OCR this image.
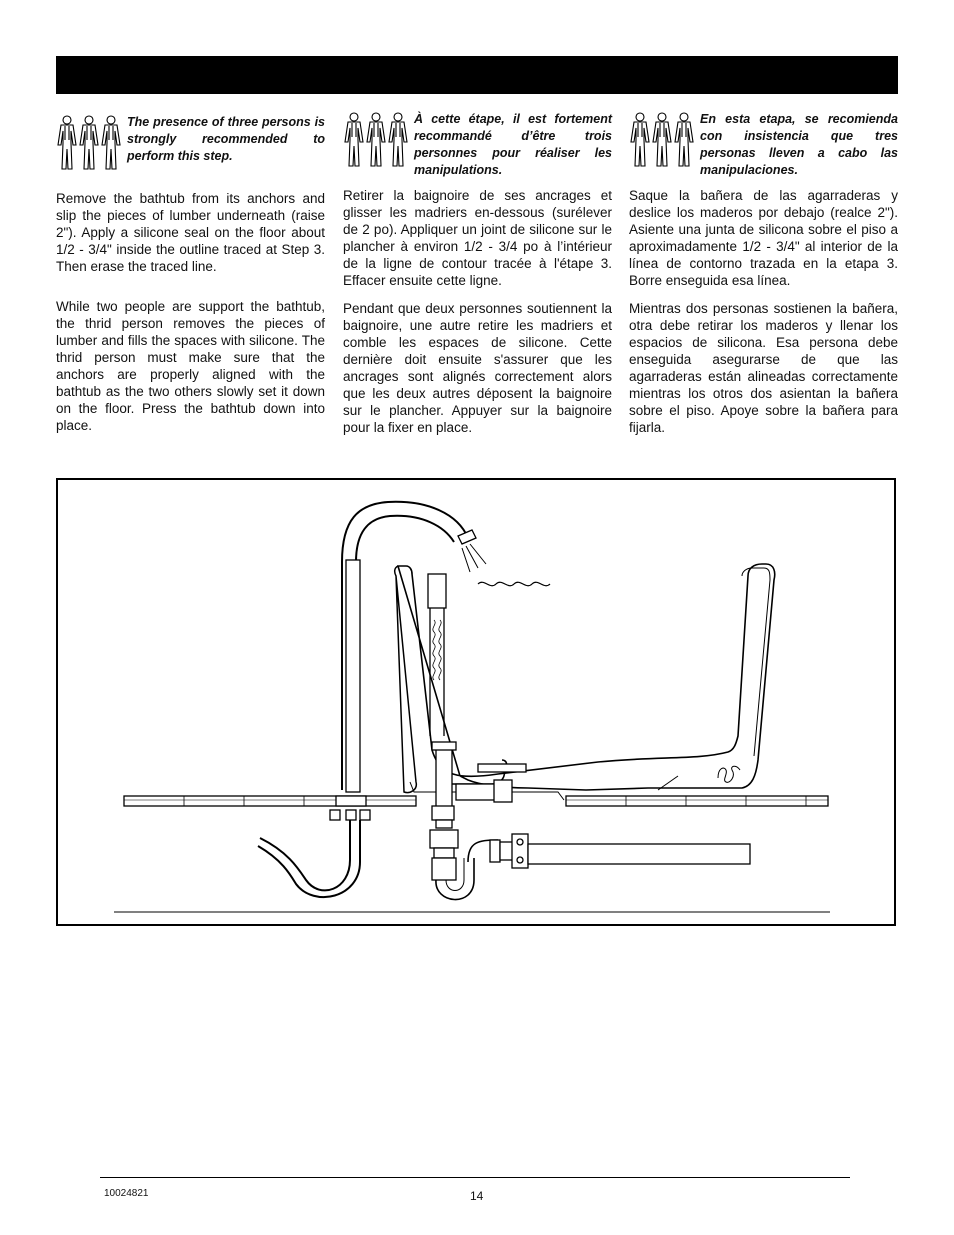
The presence of three persons is strongly recommended to perform this step.

Remove the bathtub from its anchors and slip the pieces of lumber underneath (raise 2"). Apply a silicone seal on the floor about 1/2 - 3/4" inside the outline traced at Step 3. Then erase the traced line.

While two people are support the bathtub, the thrid person removes the pieces of lumber and fills the spaces with silicone. The thrid person must make sure that the anchors are properly aligned with the bathtub as the two others slowly set it down on the floor. Press the bathtub down into place.

À cette étape, il est fortement recommandé d’être trois personnes pour réaliser les manipulations.

Retirer la baignoire de ses ancrages et glisser les madriers en-dessous (surélever de 2 po). Appliquer un joint de silicone sur le plancher à environ 1/2 - 3/4 po à l’intérieur de la ligne de contour tracée à l'étape 3. Effacer ensuite cette ligne.

Pendant que deux personnes soutiennent la baignoire, une autre retire les madriers et comble les espaces de silicone. Cette dernière doit ensuite s'assurer que les ancrages sont alignés correctement alors que les deux autres déposent la baignoire sur le plancher. Appuyer sur la baignoire pour la fixer en place.

En esta etapa, se recomienda con insistencia que tres personas lleven a cabo las manipulaciones.

Saque la bañera de las agarraderas y deslice los maderos por debajo (realce 2"). Asiente una junta de silicona sobre el piso a aproximadamente 1/2 - 3/4" al interior de la línea de contorno trazada en la etapa 3. Borre enseguida esa línea.

Mientras dos personas sostienen la bañera, otra debe retirar los maderos y llenar los espacios de silicona. Esa persona debe enseguida asegurarse de que las agarraderas están alineadas correctamente mientras los otros dos asientan la bañera sobre el piso. Apoye sobre la bañera para fijarla.

10024821	14
